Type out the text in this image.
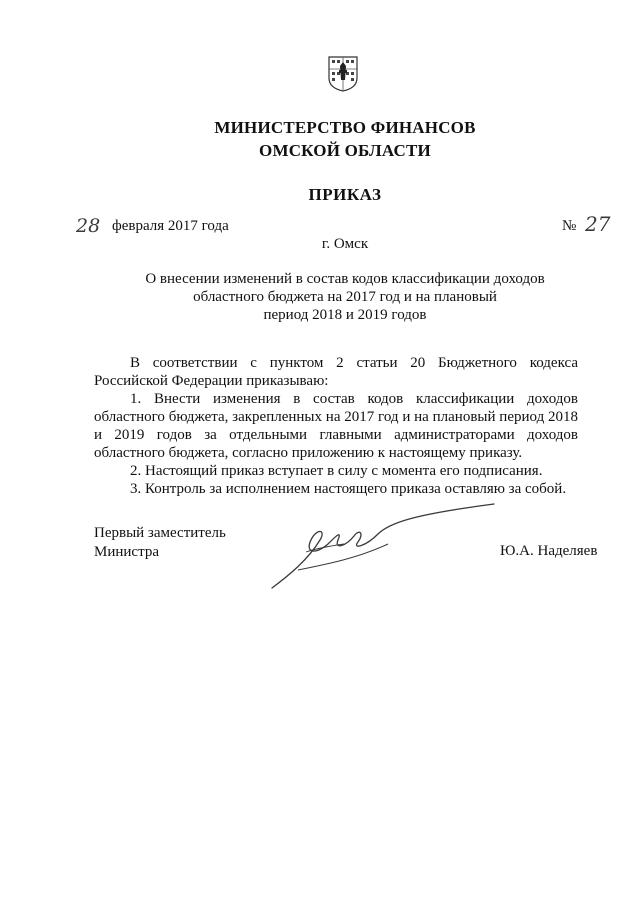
МИНИСТЕРСТВО ФИНАНСОВ
ОМСКОЙ ОБЛАСТИ
ПРИКАЗ
28 февраля 2017 года	№ 27
г. Омск
О внесении изменений в состав кодов классификации доходов
областного бюджета на 2017 год и на плановый
период 2018 и 2019 годов

В соответствии с пунктом 2 статьи 20 Бюджетного кодекса Российской Федерации приказываю:

1. Внести изменения в состав кодов классификации доходов областного бюджета, закрепленных на 2017 год и на плановый период 2018 и 2019 годов за отдельными главными администраторами доходов областного бюджета, согласно приложению к настоящему приказу.

2. Настоящий приказ вступает в силу с момента его подписания.

3. Контроль за исполнением настоящего приказа оставляю за собой.

Первый заместитель
Министра	Ю.А. Наделяев
